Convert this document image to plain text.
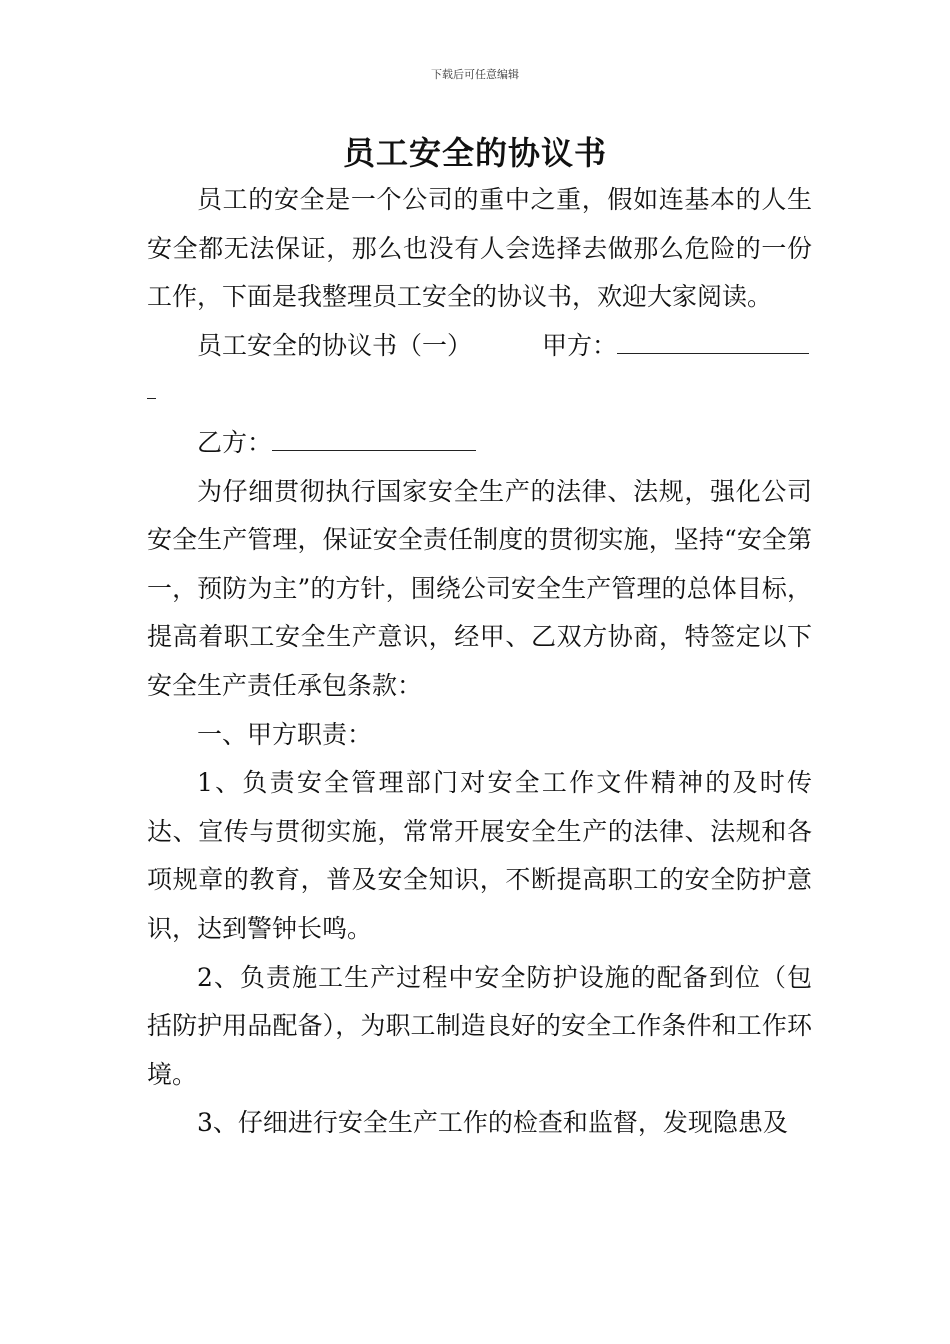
下载后可任意编辑
员工安全的协议书

员工的安全是一个公司的重中之重，假如连基本的人生安全都无法保证，那么也没有人会选择去做那么危险的一份工作，下面是我整理员工安全的协议书，欢迎大家阅读。

员工安全的协议书（一）	甲方：
乙方：

为仔细贯彻执行国家安全生产的法律、法规，强化公司安全生产管理，保证安全责任制度的贯彻实施，坚持“安全第一，预防为主”的方针，围绕公司安全生产管理的总体目标，提高着职工安全生产意识，经甲、乙双方协商，特签定以下安全生产责任承包条款：

一、甲方职责：

1、负责安全管理部门对安全工作文件精神的及时传达、宣传与贯彻实施，常常开展安全生产的法律、法规和各项规章的教育，普及安全知识，不断提高职工的安全防护意识，达到警钟长鸣。

2、负责施工生产过程中安全防护设施的配备到位（包括防护用品配备），为职工制造良好的安全工作条件和工作环境。

3、仔细进行安全生产工作的检查和监督，发现隐患及
